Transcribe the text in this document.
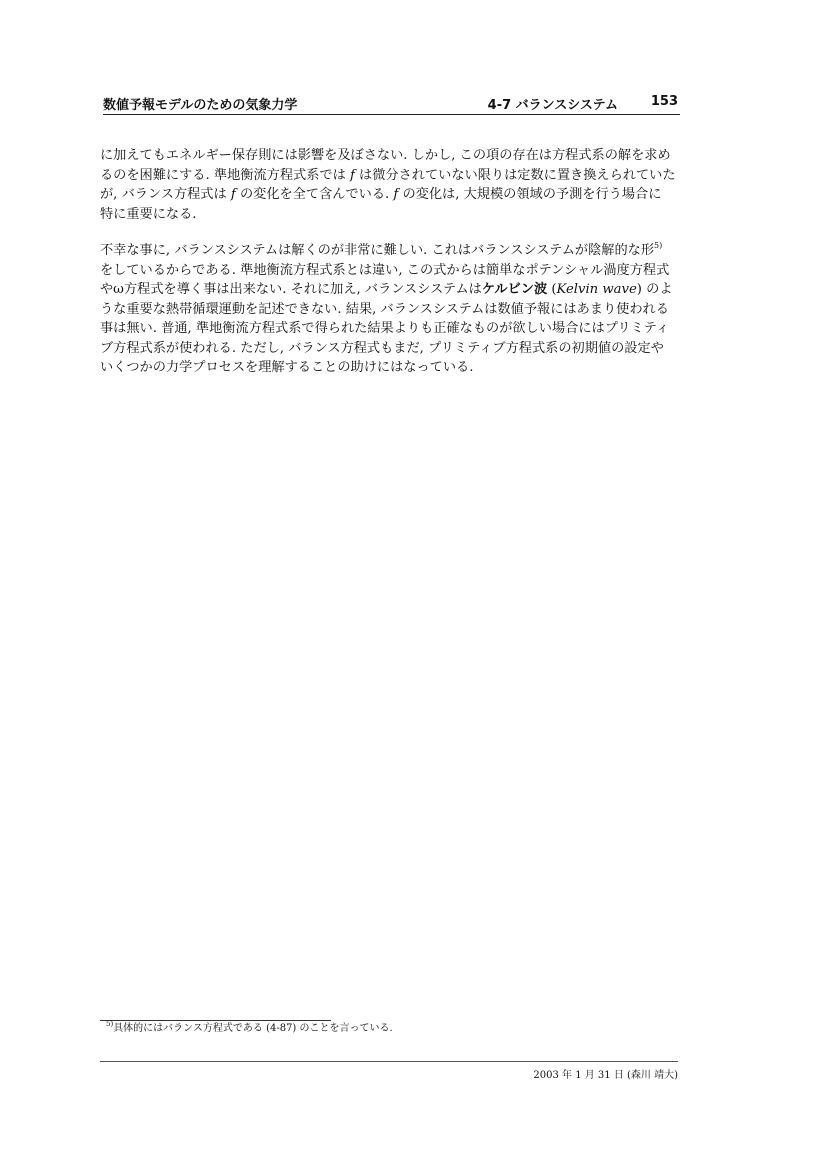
数値予報モデルのための気象力学	4-7 バランスシステム	153
に加えてもエネルギー保存則には影響を及ぼさない. しかし, この項の存在は方程式系の解を求め
るのを困難にする. 準地衡流方程式系では f は微分されていない限りは定数に置き換えられていた
が, バランス方程式は f の変化を全て含んでいる. f の変化は, 大規模の領域の予測を行う場合に
特に重要になる.
不幸な事に, バランスシステムは解くのが非常に難しい. これはバランスシステムが陰解的な形$^{5)}$
をしているからである. 準地衡流方程式系とは違い, この式からは簡単なポテンシャル渦度方程式
やω方程式を導く事は出来ない. それに加え, バランスシステムはケルビン波 (Kelvin wave) のよ
うな重要な熱帯循環運動を記述できない. 結果, バランスシステムは数値予報にはあまり使われる
事は無い. 普通, 準地衡流方程式系で得られた結果よりも正確なものが欲しい場合にはプリミティ
ブ方程式系が使われる. ただし, バランス方程式もまだ, プリミティブ方程式系の初期値の設定や
いくつかの力学プロセスを理解することの助けにはなっている.
$^{5)}$具体的にはバランス方程式である (4-87) のことを言っている.
2003 年 1 月 31 日 (森川 靖大)
